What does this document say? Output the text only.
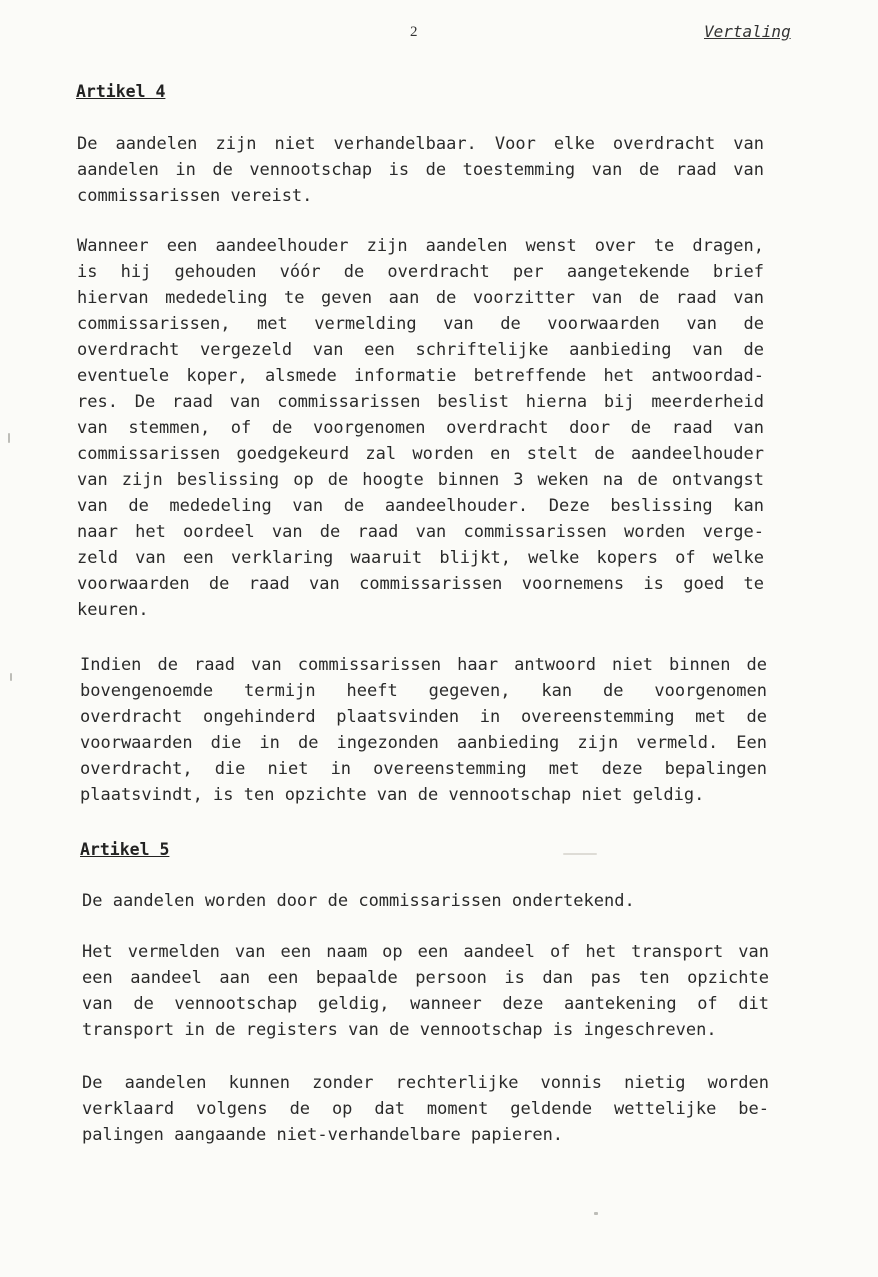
2	Vertaling
Artikel 4
De aandelen zijn niet verhandelbaar. Voor elke overdracht van
aandelen in de vennootschap is de toestemming van de raad van
commissarissen vereist.
Wanneer een aandeelhouder zijn aandelen wenst over te dragen,
is hij gehouden vóór de overdracht per aangetekende brief
hiervan mededeling te geven aan de voorzitter van de raad van
commissarissen, met vermelding van de voorwaarden van de
overdracht vergezeld van een schriftelijke aanbieding van de
eventuele koper, alsmede informatie betreffende het antwoordad-
res. De raad van commissarissen beslist hierna bij meerderheid
van stemmen, of de voorgenomen overdracht door de raad van
commissarissen goedgekeurd zal worden en stelt de aandeelhouder
van zijn beslissing op de hoogte binnen 3 weken na de ontvangst
van de mededeling van de aandeelhouder. Deze beslissing kan
naar het oordeel van de raad van commissarissen worden verge-
zeld van een verklaring waaruit blijkt, welke kopers of welke
voorwaarden de raad van commissarissen voornemens is goed te
keuren.
Indien de raad van commissarissen haar antwoord niet binnen de
bovengenoemde termijn heeft gegeven, kan de voorgenomen
overdracht ongehinderd plaatsvinden in overeenstemming met de
voorwaarden die in de ingezonden aanbieding zijn vermeld. Een
overdracht, die niet in overeenstemming met deze bepalingen
plaatsvindt, is ten opzichte van de vennootschap niet geldig.
Artikel 5
De aandelen worden door de commissarissen ondertekend.
Het vermelden van een naam op een aandeel of het transport van
een aandeel aan een bepaalde persoon is dan pas ten opzichte
van de vennootschap geldig, wanneer deze aantekening of dit
transport in de registers van de vennootschap is ingeschreven.
De aandelen kunnen zonder rechterlijke vonnis nietig worden
verklaard volgens de op dat moment geldende wettelijke be-
palingen aangaande niet-verhandelbare papieren.
